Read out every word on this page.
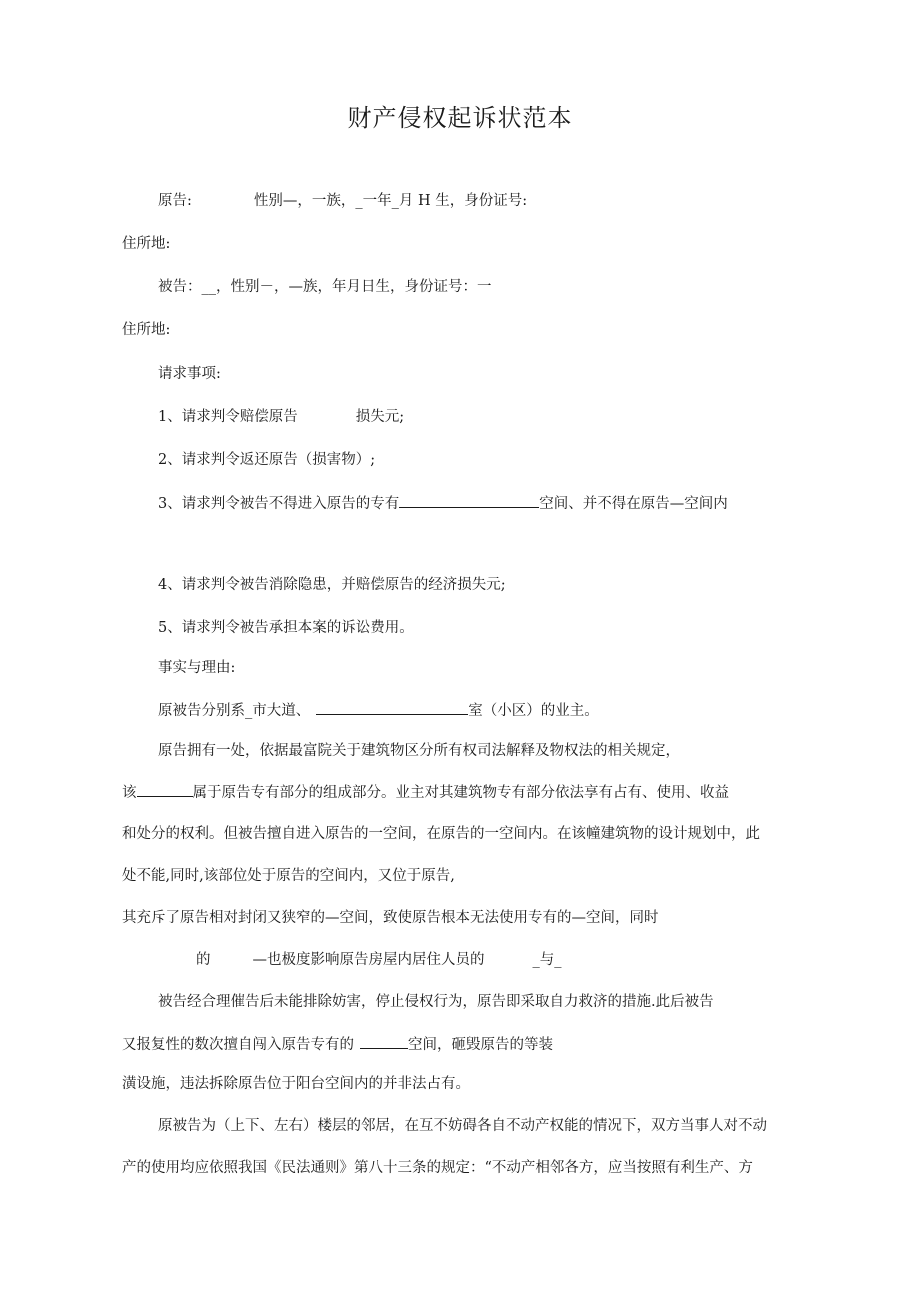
财产侵权起诉状范本
原告:	性别—，一族，_一年_月 H 生，身份证号:
住所地:
被告：__，性别－，—族，年月日生，身份证号：一
住所地:
请求事项:
1、请求判令赔偿原告	损失元;
2、请求判令返还原告（损害物）;
3、请求判令被告不得进入原告的专有	空间、并不得在原告—空间内
4、请求判令被告消除隐患，并赔偿原告的经济损失元;
5、请求判令被告承担本案的诉讼费用。
事实与理由:
原被告分别系_市大道、	室（小区）的业主。
原告拥有一处，依据最富院关于建筑物区分所有权司法解释及物权法的相关规定，
该	属于原告专有部分的组成部分。业主对其建筑物专有部分依法享有占有、使用、收益
和处分的权利。但被告擅自进入原告的一空间，在原告的一空间内。在该幢建筑物的设计规划中，此
处不能,同时,该部位处于原告的空间内，又位于原告,
其充斥了原告相对封闭又狭窄的—空间，致使原告根本无法使用专有的—空间，同时
的	—也极度影响原告房屋内居住人员的	_与_
被告经合理催告后未能排除妨害，停止侵权行为，原告即采取自力救济的措施.此后被告
又报复性的数次擅自闯入原告专有的	空间，砸毁原告的等装
潢设施，违法拆除原告位于阳台空间内的并非法占有。
原被告为（上下、左右）楼层的邻居，在互不妨碍各自不动产权能的情况下，双方当事人对不动
产的使用均应依照我国《民法通则》第八十三条的规定：“不动产相邻各方，应当按照有利生产、方
